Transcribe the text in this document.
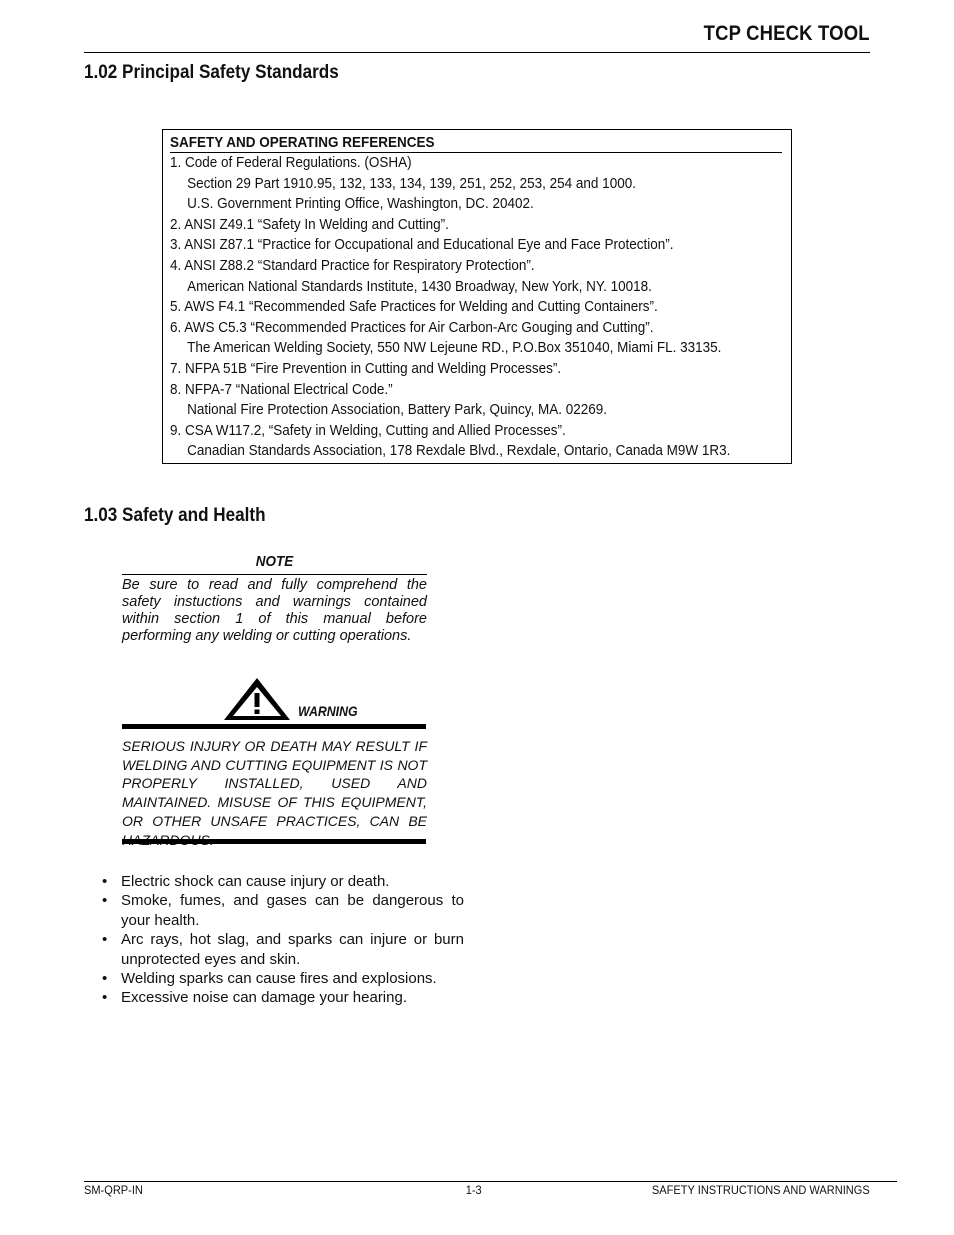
TCP CHECK TOOL
1.02 Principal Safety Standards
SAFETY AND OPERATING REFERENCES
1. Code of Federal Regulations. (OSHA)
Section 29 Part 1910.95, 132, 133, 134, 139, 251, 252, 253, 254 and 1000.
U.S. Government Printing Office, Washington, DC. 20402.
2. ANSI Z49.1 “Safety In Welding and Cutting”.
3. ANSI Z87.1 “Practice for Occupational and Educational Eye and Face Protection”.
4. ANSI Z88.2 “Standard Practice for Respiratory Protection”.
American National Standards Institute, 1430 Broadway, New York, NY. 10018.
5. AWS F4.1 “Recommended Safe Practices for Welding and Cutting Containers”.
6. AWS C5.3 “Recommended Practices for Air Carbon-Arc Gouging and Cutting”.
The American Welding Society, 550 NW Lejeune RD., P.O.Box 351040, Miami FL. 33135.
7. NFPA 51B “Fire Prevention in Cutting and Welding Processes”.
8. NFPA-7 “National Electrical Code.”
National Fire Protection Association, Battery Park, Quincy, MA. 02269.
9. CSA W117.2, “Safety in Welding, Cutting and Allied Processes”.
Canadian Standards Association, 178 Rexdale Blvd., Rexdale, Ontario, Canada M9W 1R3.
1.03 Safety and Health
NOTE
Be sure to read and fully comprehend the safety instuctions and warnings contained within section 1 of this manual before performing any welding or cutting operations.
WARNING
SERIOUS INJURY OR DEATH MAY RESULT IF WELDING AND CUTTING EQUIPMENT IS NOT PROPERLY INSTALLED, USED AND MAINTAINED. MISUSE OF THIS EQUIPMENT, OR OTHER UNSAFE PRACTICES, CAN BE
• Electric shock can cause injury or death.
• Smoke, fumes, and gases can be dangerous to your health.
• Arc rays, hot slag, and sparks can injure or burn unprotected eyes and skin.
• Welding sparks can cause fires and explosions.
• Excessive noise can damage your hearing.
SM-QRP-IN	1-3	SAFETY INSTRUCTIONS AND WARNINGS
